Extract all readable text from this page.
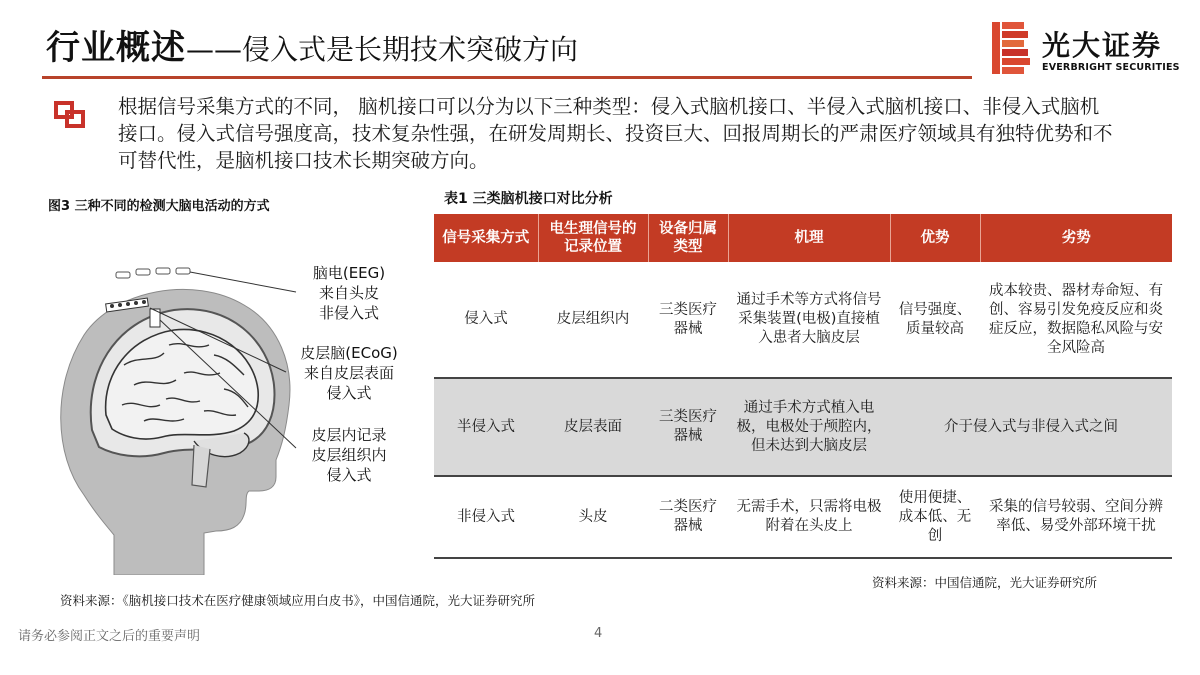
行业概述——侵入式是长期技术突破方向	光大证券
EVERBRIGHT SECURITIES
根据信号采集方式的不同， 脑机接口可以分为以下三种类型：侵入式脑机接口、半侵入式脑机接口、非侵入式脑机接口。侵入式信号强度高，技术复杂性强，在研发周期长、投资巨大、回报周期长的严肃医疗领域具有独特优势和不可替代性，是脑机接口技术长期突破方向。
图3 三种不同的检测大脑电活动的方式
脑电(EEG)
来自头皮
非侵入式
皮层脑(ECoG)
来自皮层表面
侵入式
皮层内记录
皮层组织内
侵入式
资料来源：《脑机接口技术在医疗健康领域应用白皮书》，中国信通院，光大证券研究所
表1 三类脑机接口对比分析
信号采集方式	电生理信号的记录位置	设备归属类型	机理	优势	劣势
侵入式	皮层组织内	三类医疗器械	通过手术等方式将信号采集装置(电极)直接植入患者大脑皮层	信号强度、质量较高	成本较贵、器材寿命短、有创、容易引发免疫反应和炎症反应，数据隐私风险与安全风险高
半侵入式	皮层表面	三类医疗器械	通过手术方式植入电极，电极处于颅腔内，但未达到大脑皮层	介于侵入式与非侵入式之间	
非侵入式	头皮	二类医疗器械	无需手术，只需将电极附着在头皮上	使用便捷、成本低、无创	采集的信号较弱、空间分辨率低、易受外部环境干扰
资料来源：中国信通院，光大证券研究所
请务必参阅正文之后的重要声明	4
